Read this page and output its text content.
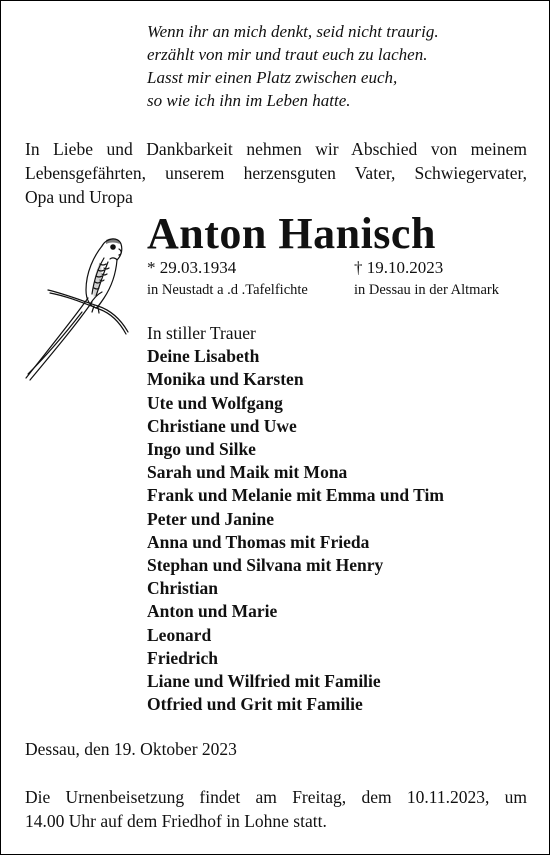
Wenn ihr an mich denkt, seid nicht traurig.
erzählt von mir und traut euch zu lachen.
Lasst mir einen Platz zwischen euch,
so wie ich ihn im Leben hatte.
In Liebe und Dankbarkeit nehmen wir Abschied von meinem
Lebensgefährten, unserem herzensguten Vater, Schwiegervater,
Opa und Uropa
Anton Hanisch
* 29.03.1934	† 19.10.2023
in Neustadt a .d .Tafelfichte	in Dessau in der Altmark
In stiller Trauer
Deine Lisabeth
Monika und Karsten
Ute und Wolfgang
Christiane und Uwe
Ingo und Silke
Sarah und Maik mit Mona
Frank und Melanie mit Emma und Tim
Peter und Janine
Anna und Thomas mit Frieda
Stephan und Silvana mit Henry
Christian
Anton und Marie
Leonard
Friedrich
Liane und Wilfried mit Familie
Otfried und Grit mit Familie
Dessau, den 19. Oktober 2023
Die Urnenbeisetzung findet am Freitag, dem 10.11.2023, um
14.00 Uhr auf dem Friedhof in Lohne statt.
